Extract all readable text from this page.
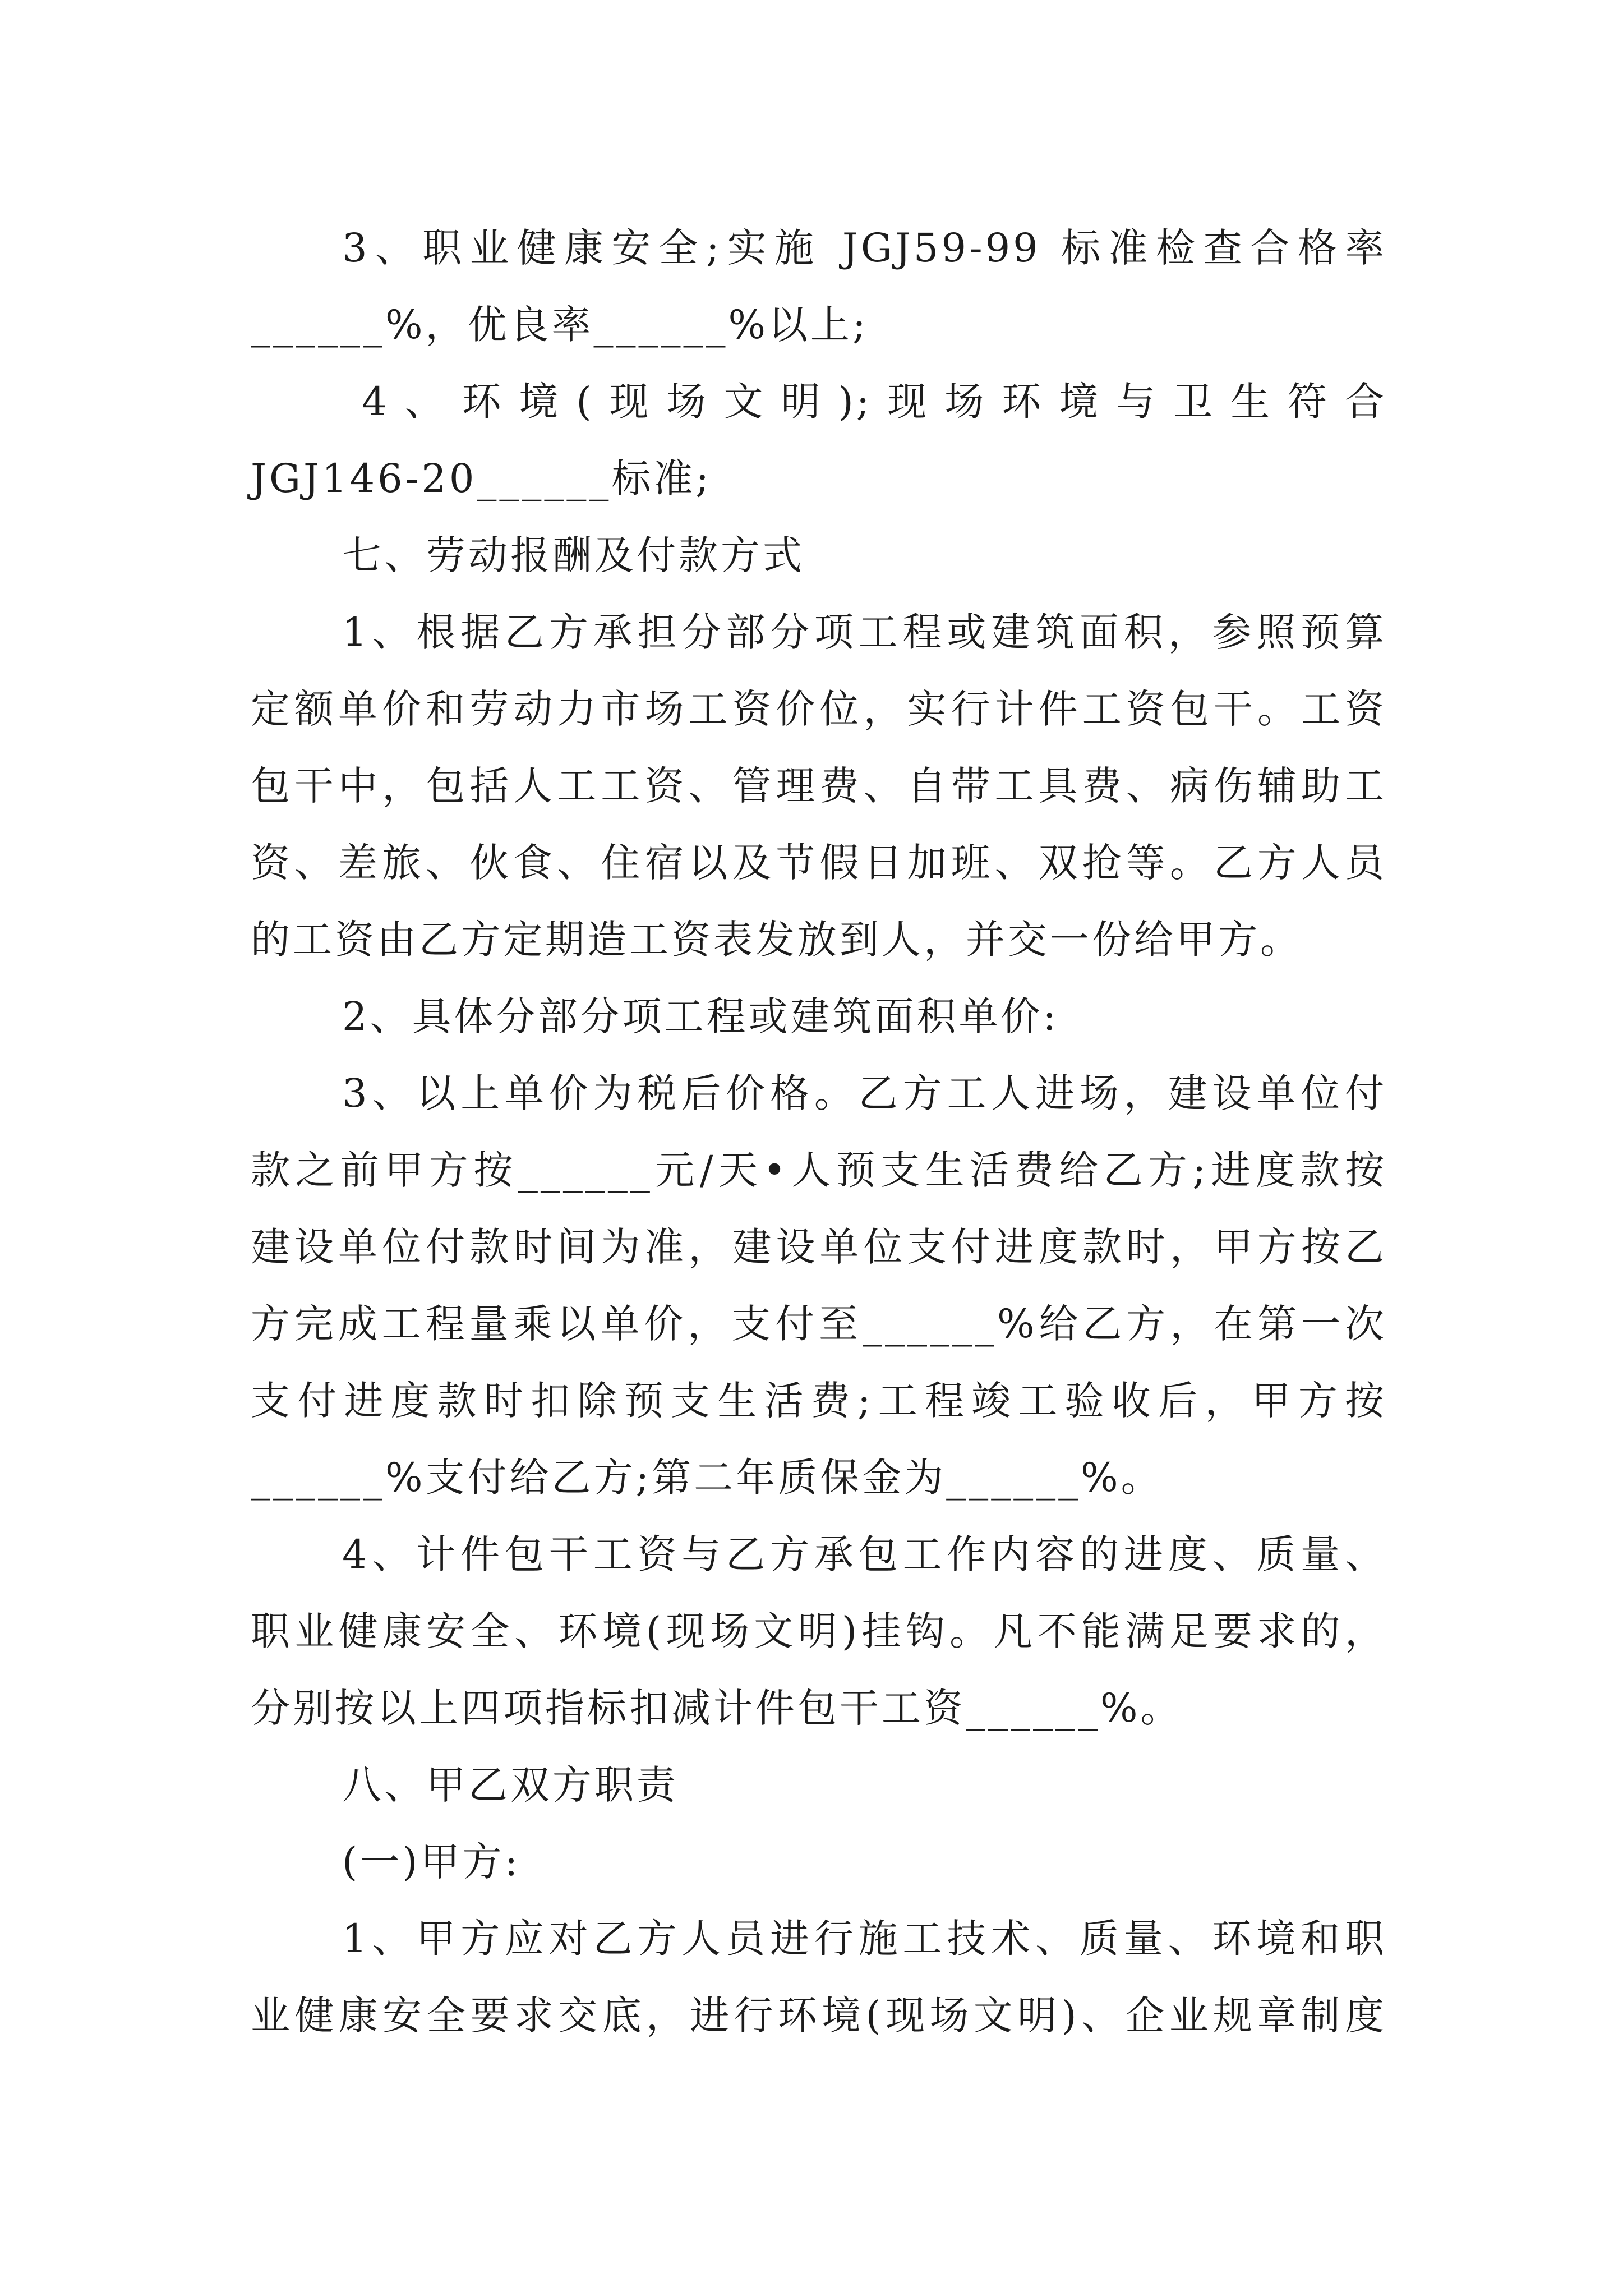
3、职业健康安全;实施 JGJ59-99 标准检查合格率
______%，优良率______%以上;
4、环境(现场文明);现场环境与卫生符合
JGJ146-20______标准;
七、劳动报酬及付款方式
1、根据乙方承担分部分项工程或建筑面积，参照预算
定额单价和劳动力市场工资价位，实行计件工资包干。工资
包干中，包括人工工资、管理费、自带工具费、病伤辅助工
资、差旅、伙食、住宿以及节假日加班、双抢等。乙方人员
的工资由乙方定期造工资表发放到人，并交一份给甲方。
2、具体分部分项工程或建筑面积单价:
3、以上单价为税后价格。乙方工人进场，建设单位付
款之前甲方按______元/天•人预支生活费给乙方;进度款按
建设单位付款时间为准，建设单位支付进度款时，甲方按乙
方完成工程量乘以单价，支付至______%给乙方，在第一次
支付进度款时扣除预支生活费;工程竣工验收后，甲方按
______%支付给乙方;第二年质保金为______%。
4、计件包干工资与乙方承包工作内容的进度、质量、
职业健康安全、环境(现场文明)挂钩。凡不能满足要求的，
分别按以上四项指标扣减计件包干工资______%。
八、甲乙双方职责
(一)甲方:
1、甲方应对乙方人员进行施工技术、质量、环境和职
业健康安全要求交底，进行环境(现场文明)、企业规章制度
